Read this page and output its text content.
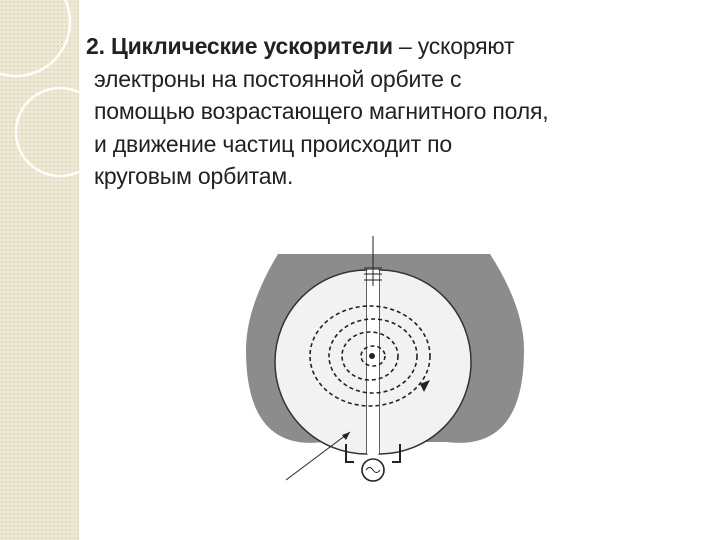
2. Циклические ускорители – ускоряют
электроны на постоянной орбите с
помощью возрастающего магнитного поля,
и движение частиц происходит по
круговым орбитам.
